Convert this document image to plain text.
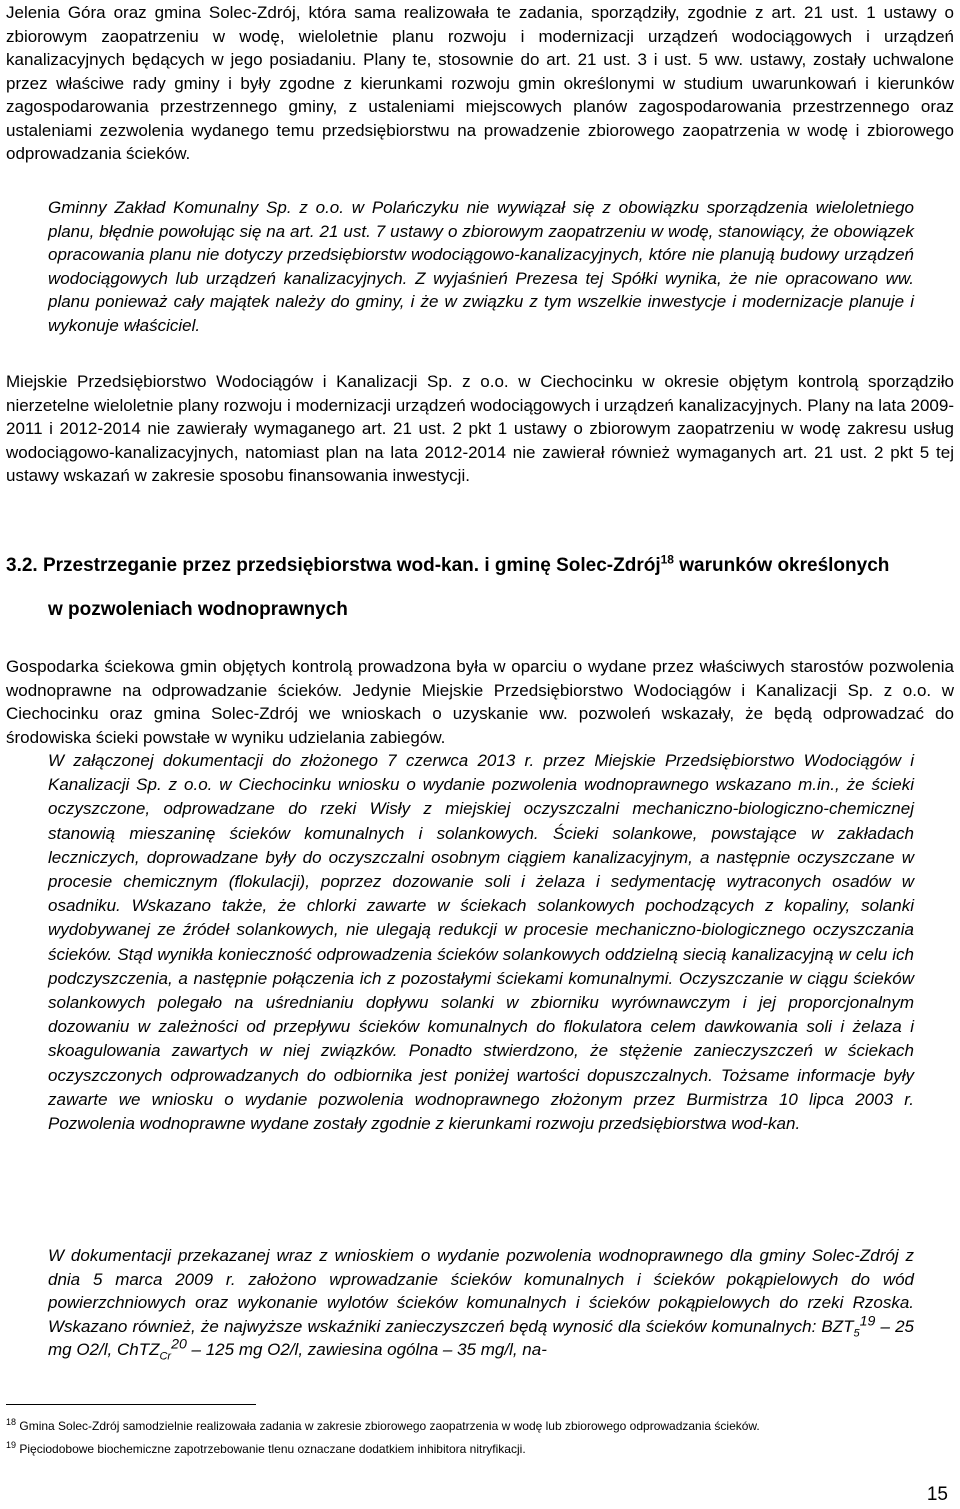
Jelenia Góra oraz gmina Solec-Zdrój, która sama realizowała te zadania, sporządziły, zgodnie z art. 21 ust. 1 ustawy o zbiorowym zaopatrzeniu w wodę, wieloletnie planu rozwoju i modernizacji urządzeń wodociągowych i urządzeń kanalizacyjnych będących w jego posiadaniu. Plany te, stosownie do art. 21 ust. 3 i ust. 5 ww. ustawy, zostały uchwalone przez właściwe rady gminy i były zgodne z kierunkami rozwoju gmin określonymi w studium uwarunkowań i kierunków zagospodarowania przestrzennego gminy, z ustaleniami miejscowych planów zagospodarowania przestrzennego oraz ustaleniami zezwolenia wydanego temu przedsiębiorstwu na prowadzenie zbiorowego zaopatrzenia w wodę i zbiorowego odprowadzania ścieków.

Gminny Zakład Komunalny Sp. z o.o. w Polańczyku nie wywiązał się z obowiązku sporządzenia wieloletniego planu, błędnie powołując się na art. 21 ust. 7 ustawy o zbiorowym zaopatrzeniu w wodę, stanowiący, że obowiązek opracowania planu nie dotyczy przedsiębiorstw wodociągowo-kanalizacyjnych, które nie planują budowy urządzeń wodociągowych lub urządzeń kanalizacyjnych. Z wyjaśnień Prezesa tej Spółki wynika, że nie opracowano ww. planu ponieważ cały majątek należy do gminy, i że w związku z tym wszelkie inwestycje i modernizacje planuje i wykonuje właściciel.

Miejskie Przedsiębiorstwo Wodociągów i Kanalizacji Sp. z o.o. w Ciechocinku w okresie objętym kontrolą sporządziło nierzetelne wieloletnie plany rozwoju i modernizacji urządzeń wodociągowych i urządzeń kanalizacyjnych. Plany na lata 2009-2011 i 2012-2014 nie zawierały wymaganego art. 21 ust. 2 pkt 1 ustawy o zbiorowym zaopatrzeniu w wodę zakresu usług wodociągowo-kanalizacyjnych, natomiast plan na lata 2012-2014 nie zawierał również wymaganych art. 21 ust. 2 pkt 5 tej ustawy wskazań w zakresie sposobu finansowania inwestycji.

3.2. Przestrzeganie przez przedsiębiorstwa wod-kan. i gminę Solec-Zdrój$^{18}$ warunków określonych
w pozwoleniach wodnoprawnych

Gospodarka ściekowa gmin objętych kontrolą prowadzona była w oparciu o wydane przez właściwych starostów pozwolenia wodnoprawne na odprowadzanie ścieków. Jedynie Miejskie Przedsiębiorstwo Wodociągów i Kanalizacji Sp. z o.o. w Ciechocinku oraz gmina Solec-Zdrój we wnioskach o uzyskanie ww. pozwoleń wskazały, że będą odprowadzać do środowiska ścieki powstałe w wyniku udzielania zabiegów.

W załączonej dokumentacji do złożonego 7 czerwca 2013 r. przez Miejskie Przedsiębiorstwo Wodociągów i Kanalizacji Sp. z o.o. w Ciechocinku wniosku o wydanie pozwolenia wodnoprawnego wskazano m.in., że ścieki oczyszczone, odprowadzane do rzeki Wisły z miejskiej oczyszczalni mechaniczno-biologiczno-chemicznej stanowią mieszaninę ścieków komunalnych i solankowych. Ścieki solankowe, powstające w zakładach leczniczych, doprowadzane były do oczyszczalni osobnym ciągiem kanalizacyjnym, a następnie oczyszczane w procesie chemicznym (flokulacji), poprzez dozowanie soli i żelaza i sedymentację wytraconych osadów w osadniku. Wskazano także, że chlorki zawarte w ściekach solankowych pochodzących z kopaliny, solanki wydobywanej ze źródeł solankowych, nie ulegają redukcji w procesie mechaniczno-biologicznego oczyszczania ścieków. Stąd wynikła konieczność odprowadzenia ścieków solankowych oddzielną siecią kanalizacyjną w celu ich podczyszczenia, a następnie połączenia ich z pozostałymi ściekami komunalnymi. Oczyszczanie w ciągu ścieków solankowych polegało na uśrednianiu dopływu solanki w zbiorniku wyrównawczym i jej proporcjonalnym dozowaniu w zależności od przepływu ścieków komunalnych do flokulatora celem dawkowania soli i żelaza i skoagulowania zawartych w niej związków. Ponadto stwierdzono, że stężenie zanieczyszczeń w ściekach oczyszczonych odprowadzanych do odbiornika jest poniżej wartości dopuszczalnych. Tożsame informacje były zawarte we wniosku o wydanie pozwolenia wodnoprawnego złożonym przez Burmistrza 10 lipca 2003 r. Pozwolenia wodnoprawne wydane zostały zgodnie z kierunkami rozwoju przedsiębiorstwa wod-kan.

W dokumentacji przekazanej wraz z wnioskiem o wydanie pozwolenia wodnoprawnego dla gminy Solec-Zdrój z dnia 5 marca 2009 r. założono wprowadzanie ścieków komunalnych i ścieków pokąpielowych do wód powierzchniowych oraz wykonanie wylotów ścieków komunalnych i ścieków pokąpielowych do rzeki Rzoska. Wskazano również, że najwyższe wskaźniki zanieczyszczeń będą wynosić dla ścieków komunalnych: $BZT_5^{19} - 25$ mg O2/l, ChTZ$_{Cr}^{20}$ – 125 mg O2/l, zawiesina ogólna – 35 mg/l, na-

$^{18}$ Gmina Solec-Zdrój samodzielnie realizowała zadania w zakresie zbiorowego zaopatrzenia w wodę lub zbiorowego odprowadzania ścieków.
$^{19}$ Pięciodobowe biochemiczne zapotrzebowanie tlenu oznaczane dodatkiem inhibitora nitryfikacji.
15
